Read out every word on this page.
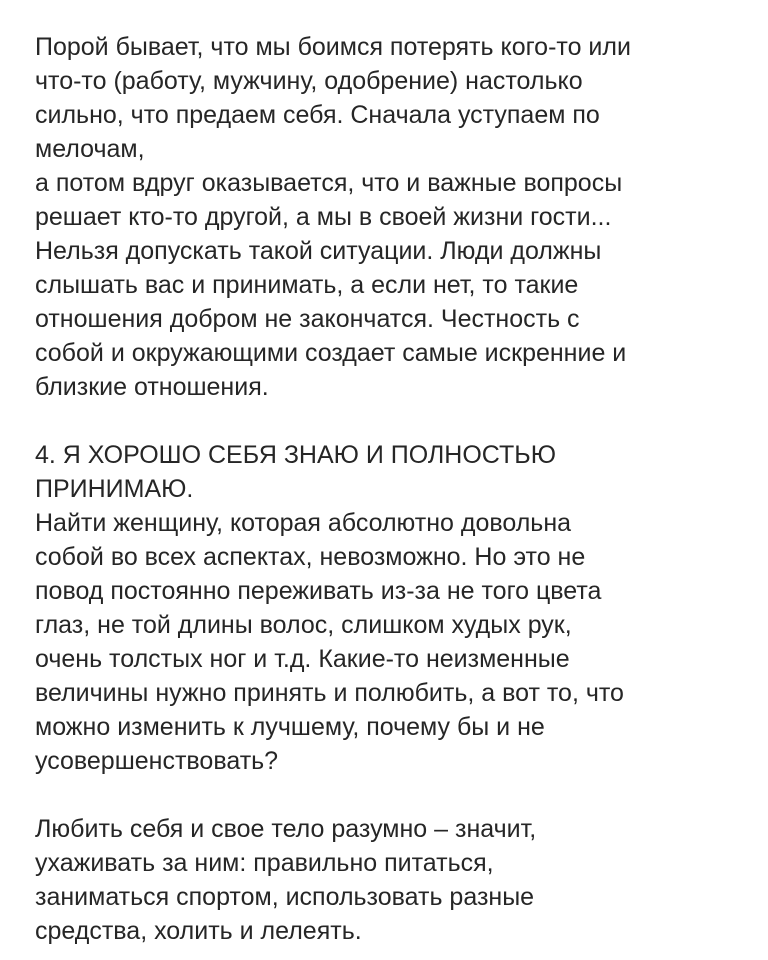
Порой бывает, что мы боимся потерять кого-то или
что-то (работу, мужчину, одобрение) настолько
сильно, что предаем себя. Сначала уступаем по
мелочам,
а потом вдруг оказывается, что и важные вопросы
решает кто-то другой, а мы в своей жизни гости...
Нельзя допускать такой ситуации. Люди должны
слышать вас и принимать, а если нет, то такие
отношения добром не закончатся. Честность с
собой и окружающими создает самые искренние и
близкие отношения.
4. Я ХОРОШО СЕБЯ ЗНАЮ И ПОЛНОСТЬЮ
ПРИНИМАЮ.
Найти женщину, которая абсолютно довольна
собой во всех аспектах, невозможно. Но это не
повод постоянно переживать из-за не того цвета
глаз, не той длины волос, слишком худых рук,
очень толстых ног и т.д. Какие-то неизменные
величины нужно принять и полюбить, а вот то, что
можно изменить к лучшему, почему бы и не
усовершенствовать?
Любить себя и свое тело разумно – значит,
ухаживать за ним: правильно питаться,
заниматься спортом, использовать разные
средства, холить и лелеять.
